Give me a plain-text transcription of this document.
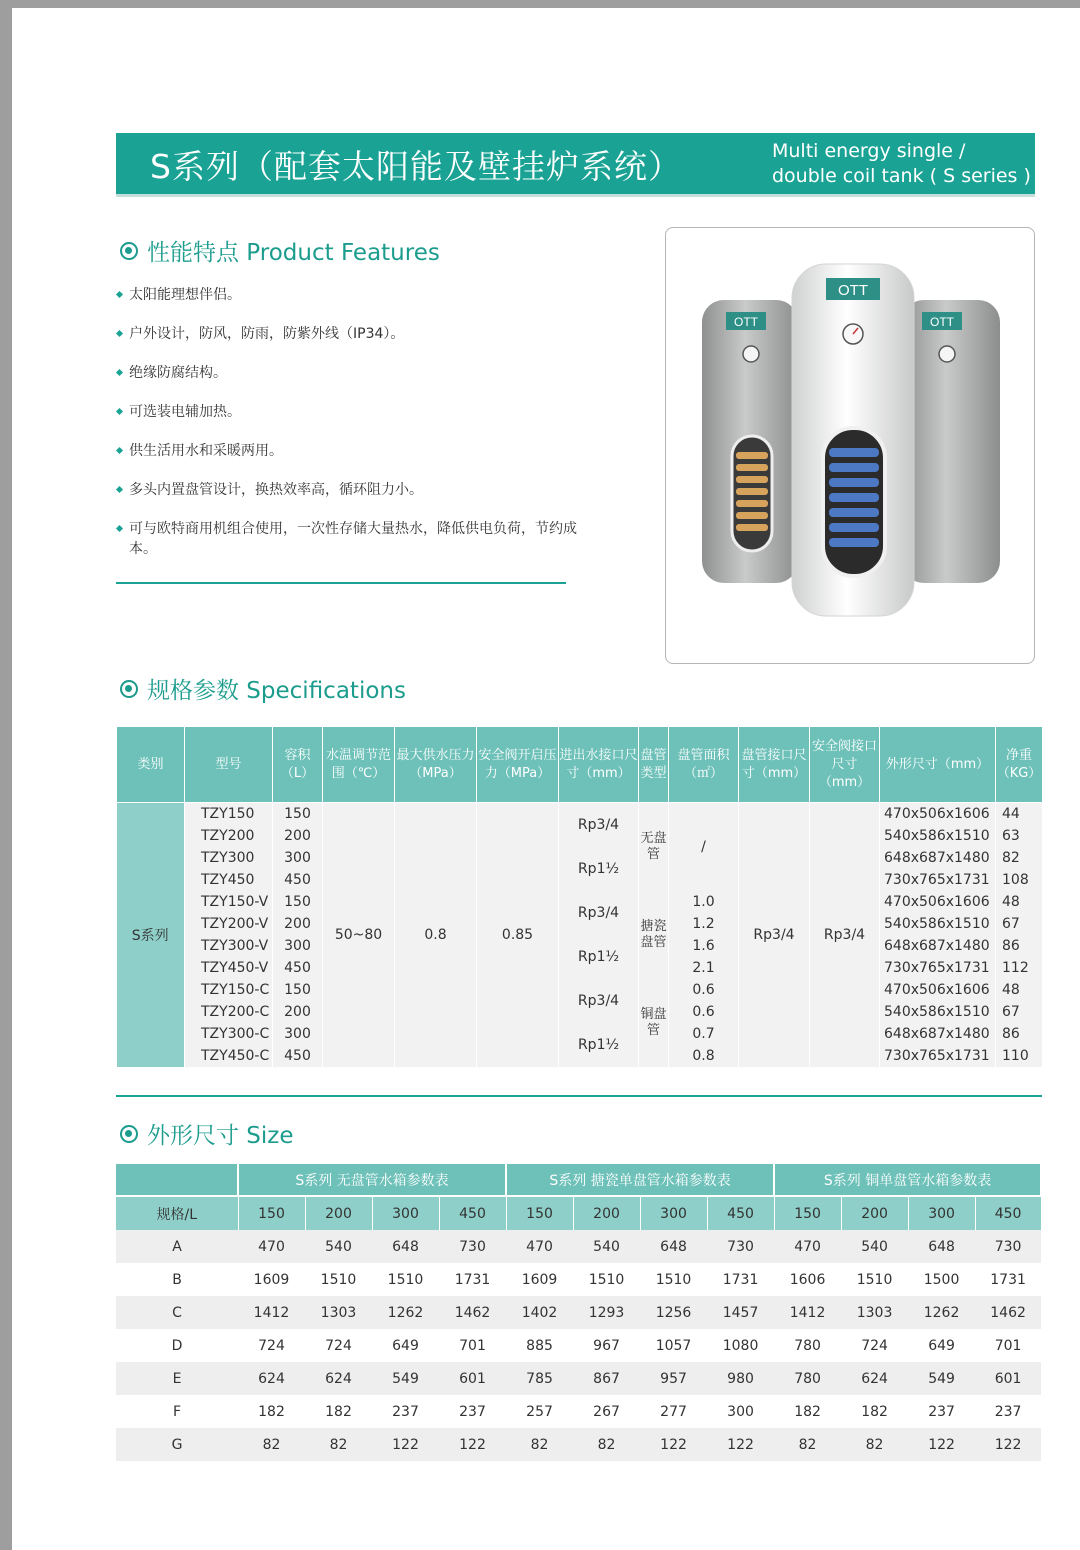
S系列（配套太阳能及壁挂炉系统）	Multi energy single /
double coil tank ( S series )
性能特点 Product Features
太阳能理想伴侣。
户外设计，防风，防雨，防紫外线（IP34）。
绝缘防腐结构。
可选装电辅加热。
供生活用水和采暖两用。
多头内置盘管设计，换热效率高，循环阻力小。
可与欧特商用机组合使用，一次性存储大量热水，降低供电负荷，节约成本。
OTT	OTT
OTT
规格参数 Specifications
类别	型号	容积（L）	水温调节范围（℃）	最大供水压力（MPa）	安全阀开启压力（MPa）	进出水接口尺寸（mm）	盘管类型	盘管面积（㎡）	盘管接口尺寸（mm）	安全阀接口尺寸（mm）	外形尺寸（mm）	净重（KG）
S系列	TZY150	150	50~80	0.8	0.85	Rp3/4	无盘管	/	Rp3/4	Rp3/4	470x506x1606	44
	TZY200	200									540x586x1510	63
	TZY300	300				Rp1½					648x687x1480	82
	TZY450	450									730x765x1731	108
	TZY150-V	150				Rp3/4	搪瓷盘管	1.0			470x506x1606	48
	TZY200-V	200						1.2			540x586x1510	67
	TZY300-V	300				Rp1½		1.6			648x687x1480	86
	TZY450-V	450						2.1			730x765x1731	112
	TZY150-C	150				Rp3/4	铜盘管	0.6			470x506x1606	48
	TZY200-C	200						0.6			540x586x1510	67
	TZY300-C	300				Rp1½		0.7			648x687x1480	86
	TZY450-C	450						0.8			730x765x1731	110
外形尺寸 Size
	S系列 无盘管水箱参数表				S系列 搪瓷单盘管水箱参数表				S系列 铜单盘管水箱参数表			
规格/L	150	200	300	450	150	200	300	450	150	200	300	450
A	470	540	648	730	470	540	648	730	470	540	648	730
B	1609	1510	1510	1731	1609	1510	1510	1731	1606	1510	1500	1731
C	1412	1303	1262	1462	1402	1293	1256	1457	1412	1303	1262	1462
D	724	724	649	701	885	967	1057	1080	780	724	649	701
E	624	624	549	601	785	867	957	980	780	624	549	601
F	182	182	237	237	257	267	277	300	182	182	237	237
G	82	82	122	122	82	82	122	122	82	82	122	122
